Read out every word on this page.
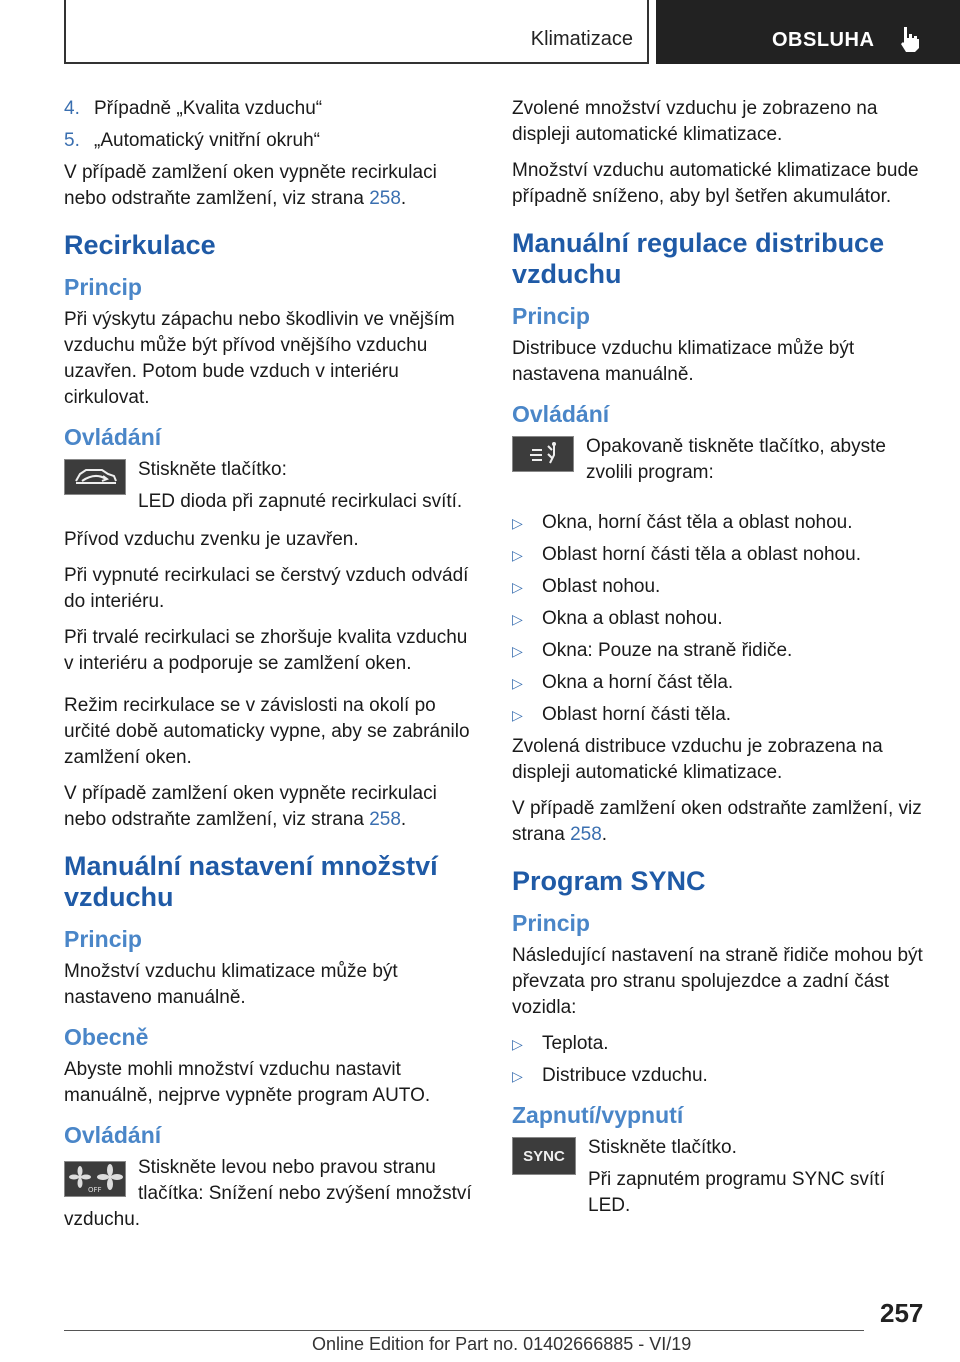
Klimatizace	OBSLUHA
4. Případně „Kvalita vzduchu“
5. „Automatický vnitřní okruh“

V případě zamlžení oken vypněte recirkulaci nebo odstraňte zamlžení, viz strana 258.

Recirkulace
Princip

Při výskytu zápachu nebo škodlivin ve vnějším vzduchu může být přívod vnějšího vzduchu uzavřen. Potom bude vzduch v interiéru cirkulovat.

Ovládání

Stiskněte tlačítko:

LED dioda při zapnuté recirkulaci svítí.

Přívod vzduchu zvenku je uzavřen.

Při vypnuté recirkulaci se čerstvý vzduch odvádí do interiéru.

Při trvalé recirkulaci se zhoršuje kvalita vzduchu v interiéru a podporuje se zamlžení oken.

Režim recirkulace se v závislosti na okolí po určité době automaticky vypne, aby se zabránilo zamlžení oken.

V případě zamlžení oken vypněte recirkulaci nebo odstraňte zamlžení, viz strana 258.

Manuální nastavení množství vzduchu
Princip

Množství vzduchu klimatizace může být nastaveno manuálně.

Obecně

Abyste mohli množství vzduchu nastavit manuálně, nejprve vypněte program AUTO.

Ovládání
OFF

Stiskněte levou nebo pravou stranu tlačítka: Snížení nebo zvýšení množství vzduchu.

Zvolené množství vzduchu je zobrazeno na displeji automatické klimatizace.

Množství vzduchu automatické klimatizace bude případně sníženo, aby byl šetřen akumulátor.

Manuální regulace distribuce vzduchu
Princip

Distribuce vzduchu klimatizace může být nastavena manuálně.

Ovládání

Opakovaně tiskněte tlačítko, abyste zvolili program:

▷	Okna, horní část těla a oblast nohou.
▷	Oblast horní části těla a oblast nohou.
▷	Oblast nohou.
▷	Okna a oblast nohou.
▷	Okna: Pouze na straně řidiče.
▷	Okna a horní část těla.
▷	Oblast horní části těla.

Zvolená distribuce vzduchu je zobrazena na displeji automatické klimatizace.

V případě zamlžení oken odstraňte zamlžení, viz strana 258.

Program SYNC
Princip

Následující nastavení na straně řidiče mohou být převzata pro stranu spolujezdce a zadní část vozidla:

▷	Teplota.
▷	Distribuce vzduchu.
Zapnutí/vypnutí
SYNC Stiskněte tlačítko.

Při zapnutém programu SYNC svítí LED.

257
Online Edition for Part no. 01402666885 - VI/19
